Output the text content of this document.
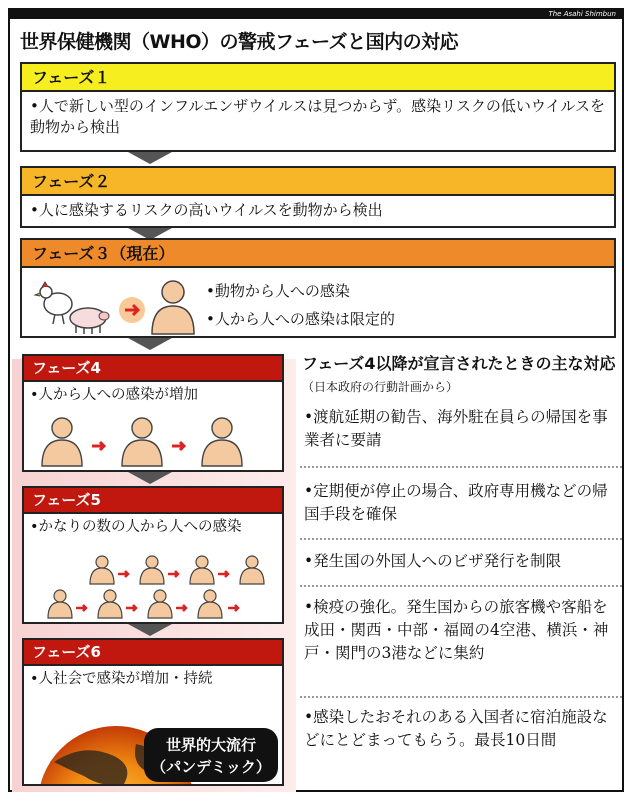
The Asahi Shimbun
世界保健機関（WHO）の警戒フェーズと国内の対応
フェーズ１
•人で新しい型のインフルエンザウイルスは見つからず。感染リスクの低いウイルスを動物から検出
フェーズ２
•人に感染するリスクの高いウイルスを動物から検出
フェーズ３（現在）
•動物から人への感染
•人から人への感染は限定的
フェーズ4
•人から人への感染が増加
フェーズ5
•かなりの数の人から人への感染
フェーズ6
•人社会で感染が増加・持続
世界的大流行
（パンデミック）
フェーズ4以降が宣言されたときの主な対応 （日本政府の行動計画から）
•渡航延期の勧告、海外駐在員らの帰国を事業者に要請
•定期便が停止の場合、政府専用機などの帰国手段を確保
•発生国の外国人へのビザ発行を制限
•検疫の強化。発生国からの旅客機や客船を成田・関西・中部・福岡の4空港、横浜・神戸・関門の3港などに集約
•感染したおそれのある入国者に宿泊施設などにとどまってもらう。最長10日間
